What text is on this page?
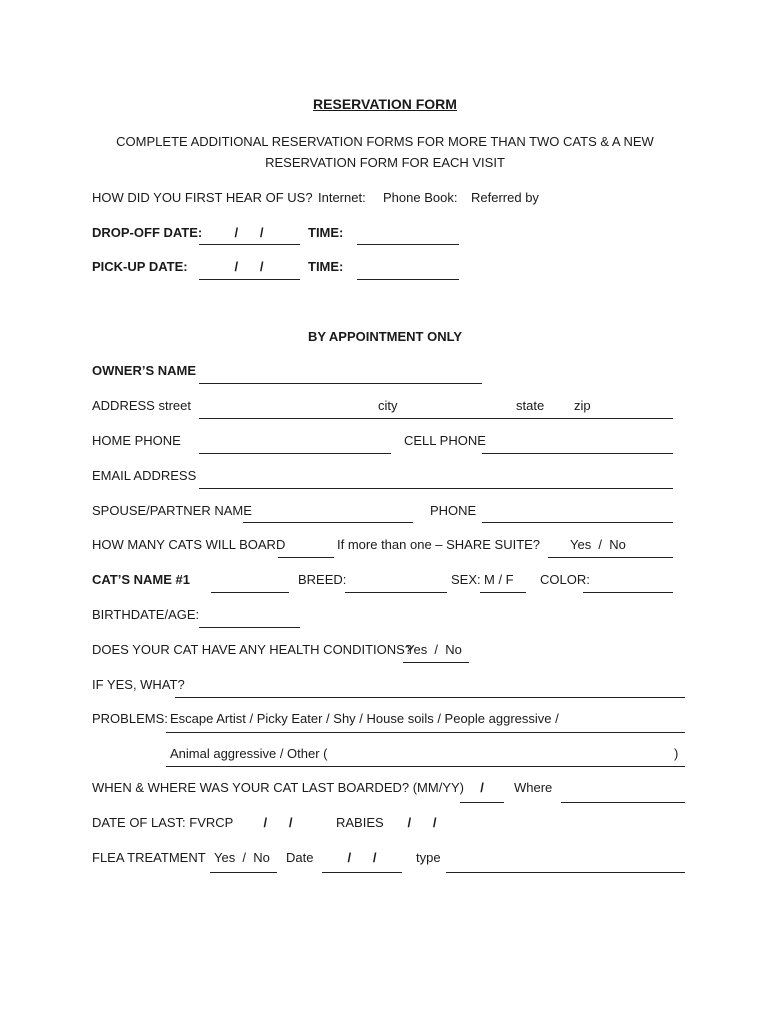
RESERVATION FORM
COMPLETE ADDITIONAL RESERVATION FORMS FOR MORE THAN TWO CATS & A NEW
RESERVATION FORM FOR EACH VISIT
HOW DID YOU FIRST HEAR OF US? Internet: Phone Book: Referred by
DROP-OFF DATE:	/      /	TIME:
PICK-UP DATE:	/      /	TIME:
BY APPOINTMENT ONLY
OWNER’S NAME
ADDRESS street	city	state zip
HOME PHONE	CELL PHONE
EMAIL ADDRESS
SPOUSE/PARTNER NAME	PHONE
HOW MANY CATS WILL BOARD	If more than one – SHARE SUITE? Yes  /  No
CAT’S NAME #1	BREED:	SEX: M / F COLOR:
BIRTHDATE/AGE:
DOES YOUR CAT HAVE ANY HEALTH CONDITIONS?
Yes  /  No
IF YES, WHAT?
PROBLEMS: Escape Artist / Picky Eater / Shy / House soils / People aggressive /
Animal aggressive / Other (	)
WHEN & WHERE WAS YOUR CAT LAST BOARDED? (MM/YY)	/	Where
DATE OF LAST: FVRCP	/      /	RABIES	/      /
FLEA TREATMENT Yes  /  No Date	/      /	type
